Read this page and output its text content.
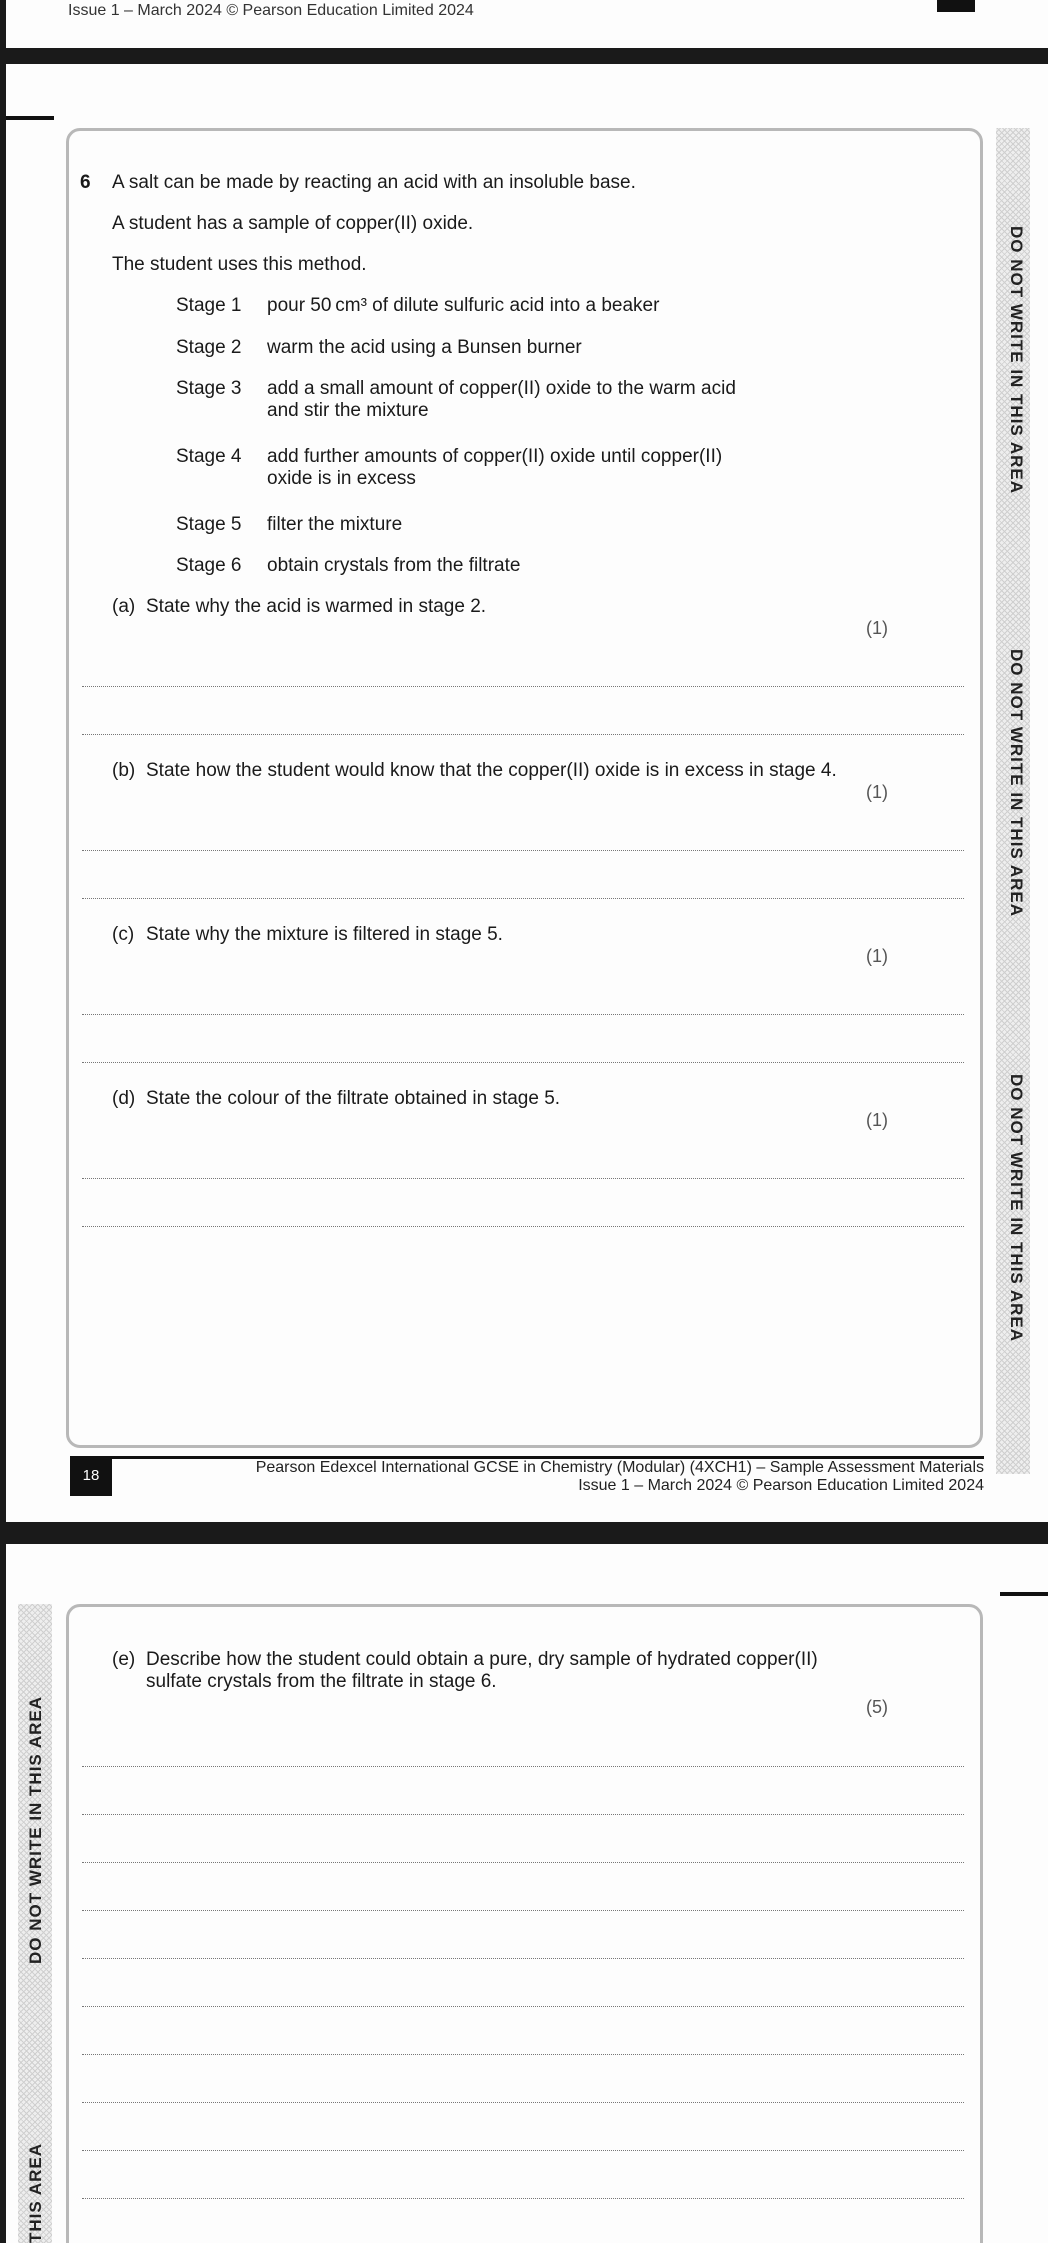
Issue 1 – March 2024 © Pearson Education Limited 2024
DO NOT WRITE IN THIS AREA
DO NOT WRITE IN THIS AREA
DO NOT WRITE IN THIS AREA
6 A salt can be made by reacting an acid with an insoluble base.
A student has a sample of copper(II) oxide.
The student uses this method.
Stage 1 pour 50 cm³ of dilute sulfuric acid into a beaker
Stage 2 warm the acid using a Bunsen burner
Stage 3 add a small amount of copper(II) oxide to the warm acid
and stir the mixture
Stage 4 add further amounts of copper(II) oxide until copper(II)
oxide is in excess
Stage 5 filter the mixture
Stage 6 obtain crystals from the filtrate
(a) State why the acid is warmed in stage 2.
(1)
(b) State how the student would know that the copper(II) oxide is in excess in stage 4.
(1)
(c) State why the mixture is filtered in stage 5.
(1)
(d) State the colour of the filtrate obtained in stage 5.
(1)
18	Pearson Edexcel International GCSE in Chemistry (Modular) (4XCH1) – Sample Assessment Materials
Issue 1 – March 2024 © Pearson Education Limited 2024
DO NOT WRITE IN THIS AREA
THIS AREA
(e) Describe how the student could obtain a pure, dry sample of hydrated copper(II)
sulfate crystals from the filtrate in stage 6.
(5)
